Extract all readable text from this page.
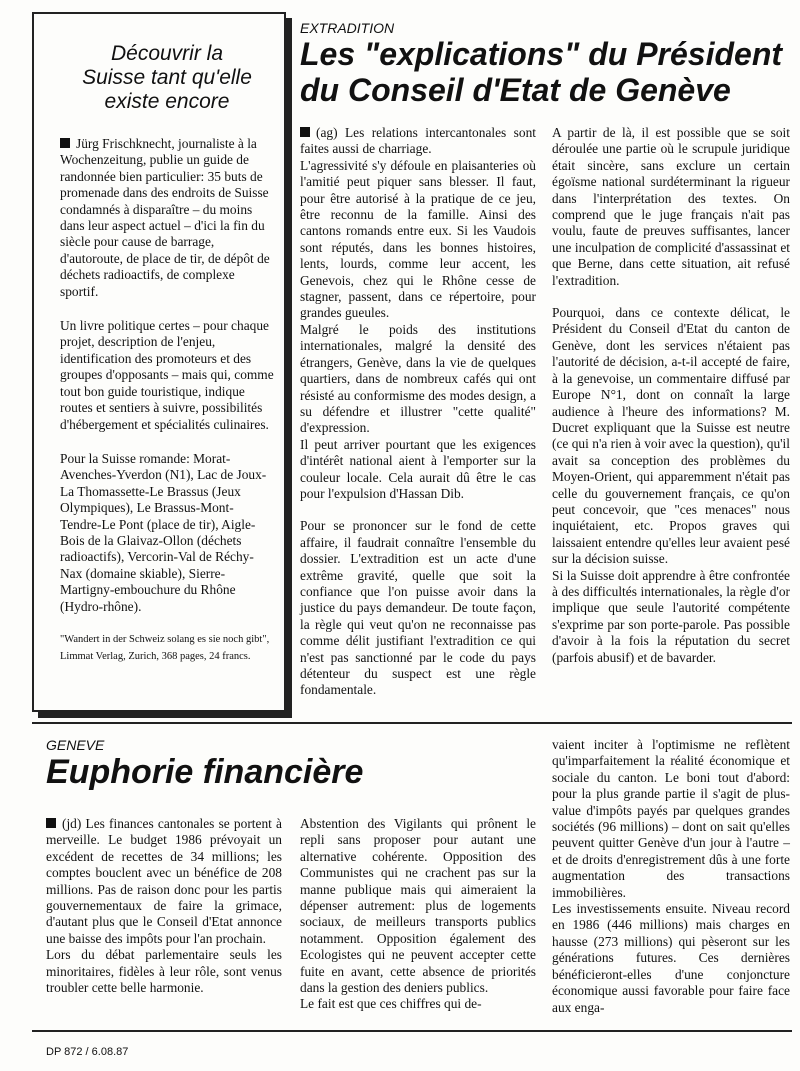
Découvrir la Suisse tant qu'elle existe encore

Jürg Frischknecht, journaliste à la Wochenzeitung, publie un guide de randonnée bien particulier: 35 buts de promenade dans des endroits de Suisse condamnés à disparaître – du moins dans leur aspect actuel – d'ici la fin du siècle pour cause de barrage, d'autoroute, de place de tir, de dépôt de déchets radioactifs, de complexe sportif.

Un livre politique certes – pour chaque projet, description de l'enjeu, identification des promoteurs et des groupes d'opposants – mais qui, comme tout bon guide touristique, indique routes et sentiers à suivre, possibilités d'hébergement et spécialités culinaires.

Pour la Suisse romande: Morat-Avenches-Yverdon (N1), Lac de Joux-La Thomassette-Le Brassus (Jeux Olympiques), Le Brassus-Mont-Tendre-Le Pont (place de tir), Aigle-Bois de la Glaivaz-Ollon (déchets radioactifs), Vercorin-Val de Réchy-Nax (domaine skiable), Sierre-Martigny-embouchure du Rhône (Hydro-rhône).

"Wandert in der Schweiz solang es sie noch gibt", Limmat Verlag, Zurich, 368 pages, 24 francs.

EXTRADITION
Les "explications" du Président
du Conseil d'Etat de Genève

(ag) Les relations intercantonales sont faites aussi de charriage.

L'agressivité s'y défoule en plaisanteries où l'amitié peut piquer sans blesser. Il faut, pour être autorisé à la pratique de ce jeu, être reconnu de la famille. Ainsi des cantons romands entre eux. Si les Vaudois sont réputés, dans les bonnes histoires, lents, lourds, comme leur accent, les Genevois, chez qui le Rhône cesse de stagner, passent, dans ce répertoire, pour grandes gueules.

Malgré le poids des institutions internationales, malgré la densité des étrangers, Genève, dans la vie de quelques quartiers, dans de nombreux cafés qui ont résisté au conformisme des modes design, a su défendre et illustrer "cette qualité" d'expression.

Il peut arriver pourtant que les exigences d'intérêt national aient à l'emporter sur la couleur locale. Cela aurait dû être le cas pour l'expulsion d'Hassan Dib.

Pour se prononcer sur le fond de cette affaire, il faudrait connaître l'ensemble du dossier. L'extradition est un acte d'une extrême gravité, quelle que soit la confiance que l'on puisse avoir dans la justice du pays demandeur. De toute façon, la règle qui veut qu'on ne reconnaisse pas comme délit justifiant l'extradition ce qui n'est pas sanctionné par le code du pays détenteur du suspect est une règle fondamentale.

A partir de là, il est possible que se soit déroulée une partie où le scrupule juridique était sincère, sans exclure un certain égoïsme national surdéterminant la rigueur dans l'interprétation des textes. On comprend que le juge français n'ait pas voulu, faute de preuves suffisantes, lancer une inculpation de complicité d'assassinat et que Berne, dans cette situation, ait refusé l'extradition.

Pourquoi, dans ce contexte délicat, le Président du Conseil d'Etat du canton de Genève, dont les services n'étaient pas l'autorité de décision, a-t-il accepté de faire, à la genevoise, un commentaire diffusé par Europe N°1, dont on connaît la large audience à l'heure des informations? M. Ducret expliquant que la Suisse est neutre (ce qui n'a rien à voir avec la question), qu'il avait sa conception des problèmes du Moyen-Orient, qui apparemment n'était pas celle du gouvernement français, ce qu'on peut concevoir, que "ces menaces" nous inquiétaient, etc. Propos graves qui laissaient entendre qu'elles leur avaient pesé sur la décision suisse.

Si la Suisse doit apprendre à être confrontée à des difficultés internationales, la règle d'or implique que seule l'autorité compétente s'exprime par son porte-parole. Pas possible d'avoir à la fois la réputation du secret (parfois abusif) et de bavarder.

GENEVE
Euphorie financière

(jd) Les finances cantonales se portent à merveille. Le budget 1986 prévoyait un excédent de recettes de 34 millions; les comptes bouclent avec un bénéfice de 208 millions. Pas de raison donc pour les partis gouvernementaux de faire la grimace, d'autant plus que le Conseil d'Etat annonce une baisse des impôts pour l'an prochain.

Lors du débat parlementaire seuls les minoritaires, fidèles à leur rôle, sont venus troubler cette belle harmonie.

Abstention des Vigilants qui prônent le repli sans proposer pour autant une alternative cohérente. Opposition des Communistes qui ne crachent pas sur la manne publique mais qui aimeraient la dépenser autrement: plus de logements sociaux, de meilleurs transports publics notamment. Opposition également des Ecologistes qui ne peuvent accepter cette fuite en avant, cette absence de priorités dans la gestion des deniers publics.

Le fait est que ces chiffres qui de-

vaient inciter à l'optimisme ne reflètent qu'imparfaitement la réalité économique et sociale du canton. Le boni tout d'abord: pour la plus grande partie il s'agit de plus-value d'impôts payés par quelques grandes sociétés (96 millions) – dont on sait qu'elles peuvent quitter Genève d'un jour à l'autre – et de droits d'enregistrement dûs à une forte augmentation des transactions immobilières.

Les investissements ensuite. Niveau record en 1986 (446 millions) mais charges en hausse (273 millions) qui pèseront sur les générations futures. Ces dernières bénéficieront-elles d'une conjoncture économique aussi favorable pour faire face aux enga-

DP 872 / 6.08.87
